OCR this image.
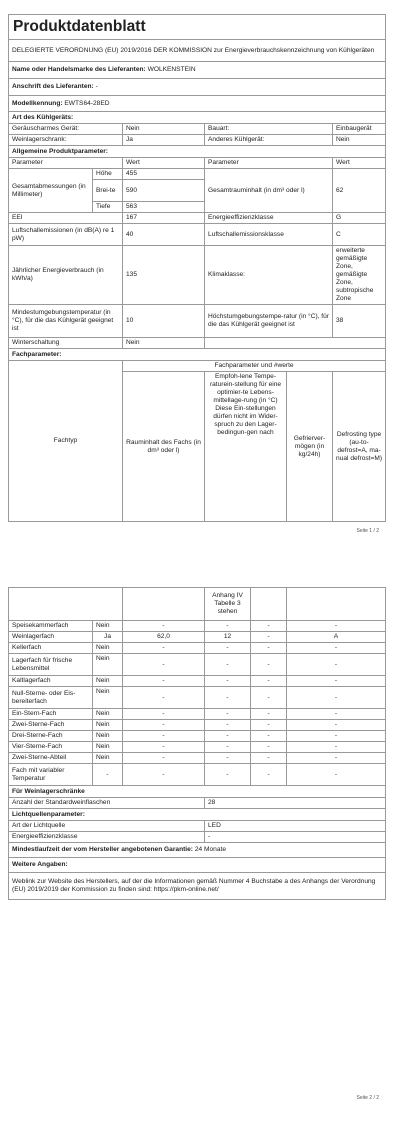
Produktdatenblatt					
DELEGIERTE VERORDNUNG (EU) 2019/2016 DER KOMMISSION zur Energieverbrauchskennzeichnung von Kühlgeräten					
Name oder Handelsmarke des Lieferanten: WOLKENSTEIN					
Anschrift des Lieferanten: -					
Modellkennung: EWTS64-28ED					
Art des Kühlgeräts:					
Geräuscharmes Gerät:		Nein	Bauart:		Einbaugerät
Weinlagerschrank:		Ja	Anderes Kühlgerät:		Nein
Allgemeine Produktparameter:					
Parameter		Wert	Parameter		Wert
Gesamtabmessungen (in Millimeter)	Höhe	455	Gesamtrauminhalt (in dm³ oder l)		62
	Brei-te	590			
	Tiefe	563			
EEI		167	Energieeffizienzklasse		G
Luftschallemissionen (in dB(A) re 1 pW)		40	Luftschallemissionsklasse		C
Jährlicher Energieverbrauch (in kWh/a)		135	Klimaklasse:		erweiterte gemäßigte Zone, gemäßigte Zone, subtropische Zone
Mindestumgebungstemperatur (in °C), für die das Kühlgerät geeignet ist		10	Höchstumgebungstempe-ratur (in °C), für die das Kühlgerät geeignet ist		38
Winterschaltung		Nein			
Fachparameter:					
Fachtyp		Fachparameter und #werte			
		Rauminhalt des Fachs (in dm³ oder l)	Empfoh-lene Tempe-raturein-stellung für eine optimier-te Lebens-mittellage-rung (in °C) Diese Ein-stellungen dürfen nicht im Wider-spruch zu den Lager-bedingun-gen nach	Gefrierver-mögen (in kg/24h)	Defrosting type (au-to-defrost=A, ma-nual defrost=M)
Seite 1 / 2
			Anhang IV Tabelle 3 stehen		
Speisekammerfach	Nein	-	-	-	-
Weinlagerfach	Ja	62,0	12	-	A
Kellerfach	Nein	-	-	-	-
Lagerfach für frische Lebensmittel	Nein	-	-	-	-
Kaltlagerfach	Nein	-	-	-	-
Null-Sterne- oder Eis-bereiterfach	Nein	-	-	-	-
Ein-Stern-Fach	Nein	-	-	-	-
Zwei-Sterne-Fach	Nein	-	-	-	-
Drei-Sterne-Fach	Nein	-	-	-	-
Vier-Sterne-Fach	Nein	-	-	-	-
Zwei-Sterne-Abteil	Nein	-	-	-	-
Fach mit variabler Temperatur	-	-	-	-	-
Für Weinlagerschränke					
Anzahl der Standardweinflaschen			28		
Lichtquellenparameter:					
Art der Lichtquelle			LED		
Energieeffizienzklasse			-		
Mindestlaufzeit der vom Hersteller angebotenen Garantie: 24 Monate					
Weitere Angaben:					
Weblink zur Website des Herstellers, auf der die Informationen gemäß Nummer 4 Buchstabe a des Anhangs der Verordnung (EU) 2019/2019 der Kommission zu finden sind: https://pkm-online.net/					
Seite 2 / 2
